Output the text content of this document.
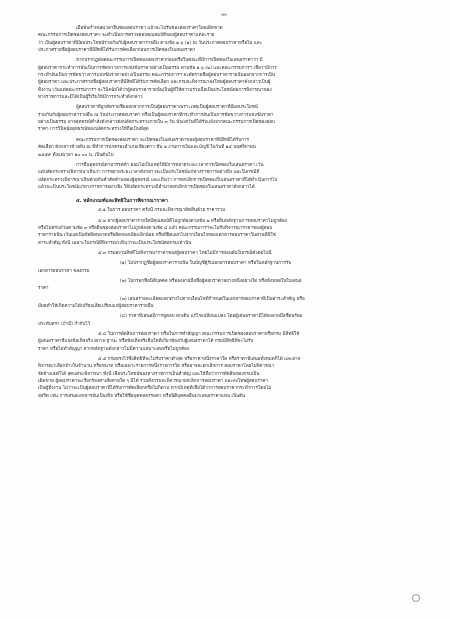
-๓-
เมื่อพ้นกำหนดเวลายื่นซองสอบราคา แล้วจะไม่รับซองสอบราคาโดยเด็ดขาด
คณะกรรมการเปิดซองสอบราคา จะดำเนินการตรวจสอบคุณสมบัติของผู้สอบราคาแต่ละราย
ว่า เป็นผู้สอบราคาที่มีผลประโยชน์ร่วมกันกับผู้สอบราคารายอื่น ตามข้อ ๑.๖ (๑) ณ วันประกาศสอบราคาหรือไม่ และ
ประกาศรายชื่อผู้สอบราคาที่มีสิทธิได้รับการคัดเลือกก่อนการเปิดซองใบเสนอราคา
หากปรากฏต่อคณะกรรมการเปิดซองสอบราคาก่อนหรือในขณะที่มีการเปิดซองใบเสนอราคาว่า มี
ผู้สอบราคากระทำการอันเป็นการขัดขวางการแข่งขันราคาอย่างเป็นธรรม ตามข้อ ๑.๖ (๒) และคณะกรรมการฯ เชื่อว่ามีการ
กระทำอันเป็นการขัดขวางการแข่งขันราคาอย่างเป็นธรรม คณะกรรมการฯ จะตัดรายชื่อผู้สอบราคารายนั้นออกจากการเป็น
ผู้สอบราคา และประกาศรายชื่อผู้สอบราคาที่มีสิทธิได้รับการคัดเลือก และกรมจะพิจารณาลงโทษผู้สอบราคาดังกล่าวเป็นผู้
ทิ้งงาน เว้นแต่คณะกรรมการฯ จะวินิจฉัยได้ว่าผู้สอบราคารายนั้นเป็นผู้ที่ให้ความร่วมมือเป็นประโยชน์ต่อการพิจารณาของ
ทางราชการและมิได้เป็นผู้ริเริ่มให้มีการกระทำดังกล่าว
ผู้สอบราคาที่ถูกตัดรายชื่อออกจากการเป็นผู้สอบราคาเพราะเหตุเป็นผู้สอบราคาที่มีผลประโยชน์
ร่วมกันกับผู้สอบราคารายอื่น ณ วันประกาศสอบราคา หรือเป็นผู้สอบราคาที่กระทำการอันเป็นการขัดขวางการแข่งขันราคา
อย่างเป็นธรรม อาจอุทธรณ์คำสั่งดังกล่าวต่อปลัดกระทรวงภายใน ๓ วัน นับแต่วันที่ได้รับแจ้งจากคณะกรรมการเปิดซองสอบ
ราคา การวินิจฉัยอุทธรณ์ของปลัดกระทรวงให้ถือเป็นที่สุด
คณะกรรมการเปิดซองสอบราคา จะเปิดซองใบเสนอราคาของผู้สอบราคาที่มีสิทธิได้รับการ
คัดเลือก ดังกล่าวข้างต้น ณ ที่ทำการปกครองอำเภอเชียงคาว ชั้น ๒ งานการเงินและบัญชี ในวันที่ ๑๔ พฤศจิกายน
๒๕๕๙ ตั้งแต่เวลา ๑๐.๐๐ น. เป็นต้นไป
การยื่นอุทธรณ์ตามวรรคห้า ย่อมไม่เป็นเหตุให้มีการขยายระยะเวลาการเปิดซองใบเสนอราคา เว้น
แต่ปลัดกระทรวงพิจารณาเห็นว่า การขยายระยะเวลาดังกล่าวจะเป็นประโยชน์แก่ทางราชการอย่างยิ่ง และในกรณีที่
ปลัดกระทรวงพิจารณาเห็นด้วยกับคำคัดค้านของผู้อุทธรณ์ และเห็นว่า การยกเลิกการเปิดซองใบเสนอราคาที่ได้ดำเนินการไป
แล้วจะเป็นประโยชน์แก่ทางราชการอย่างยิ่ง ให้ปลัดกระทรวงมีอำนาจยกเลิกการเปิดซองใบเสนอราคาดังกล่าวได้
๕. หลักเกณฑ์และสิทธิในการพิจารณาราคา
๕.๑ ในการ สอบราคา ครั้งนี้ กรมจะพิจารณาตัดสินด้วย ราคารวม
๕.๒ หากผู้สอบราคารายใดมีคุณสมบัติไม่ถูกต้องตามข้อ ๒ หรือยื่นหลักฐานการสอบราคาไม่ถูกต้อง
หรือไม่ครบถ้วนตามข้อ ๓ หรือยื่นซองสอบราคาไม่ถูกต้องตามข้อ ๔ แล้ว คณะกรรมการฯจะไม่รับพิจารณาราคาของผู้สอบ
ราคารายนั้น เว้นแต่เป็นข้อผิดพลาดหรือผิดหลงเพียงเล็กน้อย หรือที่ผิดแผกไปจากเงื่อนไขของเอกสารสอบราคาในส่วนที่มิใช่
สาระสำคัญ ทั้งนี้ เฉพาะในกรณีที่พิจารณาเห็นว่าจะเป็นประโยชน์ต่อกรมเท่านั้น
๕.๓ กรมสงวนสิทธิ์ไม่พิจารณาราคาของผู้สอบราคา โดยไม่มีการผ่อนผันในกรณีดังต่อไปนี้
(๑) ไม่ปรากฏชื่อผู้สอบราคารายนั้น ในบัญชีผู้รับเอกสารสอบราคา หรือในหลักฐานการรับ
เอกสารสอบราคา ของกรม
(๒) ไม่กรอกชื่อนิติบุคคล หรือลงลายมือชื่อผู้สอบราคาอย่างหนึ่งอย่างใด หรือทั้งหมดในใบเสนอ
ราคา
(๓) เสนอรายละเอียดแตกต่างไปจากเงื่อนไขที่กำหนดในเอกสารสอบราคาที่เป็นสาระสำคัญ หรือ
มีผลทำให้เกิดความได้เปรียบเสียเปรียบแก่ผู้สอบราคารายอื่น
(๔) ราคาที่เสนอมีการขูดลบ ตกเติม แก้ไขเปลี่ยนแปลง โดยผู้เสนอราคามิได้ลงลายมือชื่อพร้อม
ประทับตรา (ถ้ามี) กำกับไว้
๕.๔ ในการตัดสินการสอบราคา หรือในการทำสัญญา คณะกรรมการเปิดซองสอบราคาหรือกรม มีสิทธิให้
ผู้เสนอราคาชี้แจงข้อเท็จจริง สภาพ ฐานะ หรือข้อเท็จจริงอื่นใดที่เกี่ยวข้องกับผู้เสนอราคาได้ กรมมีสิทธิที่จะไม่รับ
ราคา หรือไม่ทำสัญญา หากหลักฐานดังกล่าวไม่มีความเหมาะสมหรือไม่ถูกต้อง
๕.๕ กรมทรงไว้ซึ่งสิทธิที่จะไม่รับราคาต่ำสุด หรือราคาหนึ่งราคาใด หรือราคาที่เสนอทั้งหมดก็ได้ และอาจ
พิจารณาเลือกจ้างในจำนวน หรือขนาด หรือเฉพาะรายการหนึ่งรายการใด หรืออาจจะยกเลิกการ สอบราคาโดยไม่พิจารณา
จัดจ้างเลยก็ได้ สุดแต่จะพิจารณา ทั้งนี้ เพื่อประโยชน์ของทางราชการเป็นสำคัญ และให้ถือว่าการตัดสินของกรมเป็น
เด็ดขาด ผู้สอบราคาจะเรียกร้องค่าเสียหายใด ๆ มิได้ รวมทั้งกรมจะพิจารณายกเลิกการสอบราคา และลงโทษผู้สอบราคา
เป็นผู้ทิ้งงาน ไม่ว่าจะเป็นผู้สอบราคาที่ได้รับการคัดเลือกหรือไม่ก็ตาม หากมีเหตุที่เชื่อได้ว่าการสอบราคากระทำการโดยไม่
สุจริต เช่น การเสนอเอกสารอันเป็นเท็จ หรือใช้ชื่อบุคคลธรรมดา หรือนิติบุคคลอื่นมาเสนอราคาแทน เป็นต้น
